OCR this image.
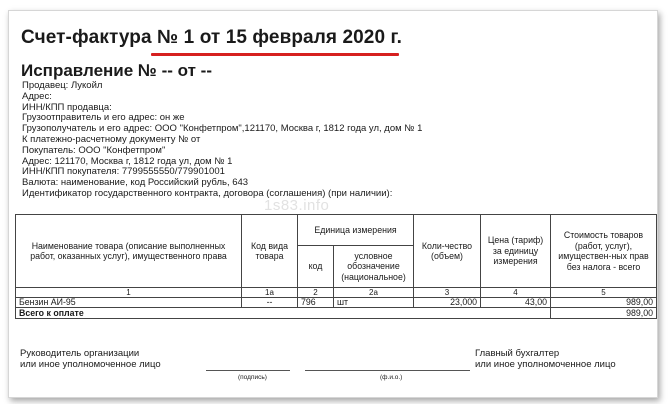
Счет-фактура № 1 от 15 февраля 2020 г.
Исправление № -- от --
Продавец: Лукойл
Адрес:
ИНН/КПП продавца:
Грузоотправитель и его адрес: он же
Грузополучатель и его адрес: ООО "Конфетпром",121170, Москва г, 1812 года ул, дом № 1
К платежно-расчетному документу № от
Покупатель: ООО "Конфетпром"
Адрес: 121170, Москва г, 1812 года ул, дом № 1
ИНН/КПП покупателя: 7799555550/779901001
Валюта: наименование, код Российский рубль, 643
Идентификатор государственного контракта, договора (соглашения) (при наличии):
1s83.info
Наименование товара (описание выполненных работ, оказанных услуг), имущественного права	Код вида товара	Единица измерения		Коли-чество (объем)	Цена (тариф) за единицу измерения	Стоимость товаров (работ, услуг), имуществен-ных прав без налога - всего
		код	условное обозначение (национальное)			
1	1а	2	2а	3	4	5
Бензин АИ-95	--	796	шт	23,000	43,00	989,00
Всего к оплате						989,00
Руководитель организации
или иное уполномоченное лицо
(подпись)	(ф.и.о.)
Главный бухгалтер
или иное уполномоченное лицо
